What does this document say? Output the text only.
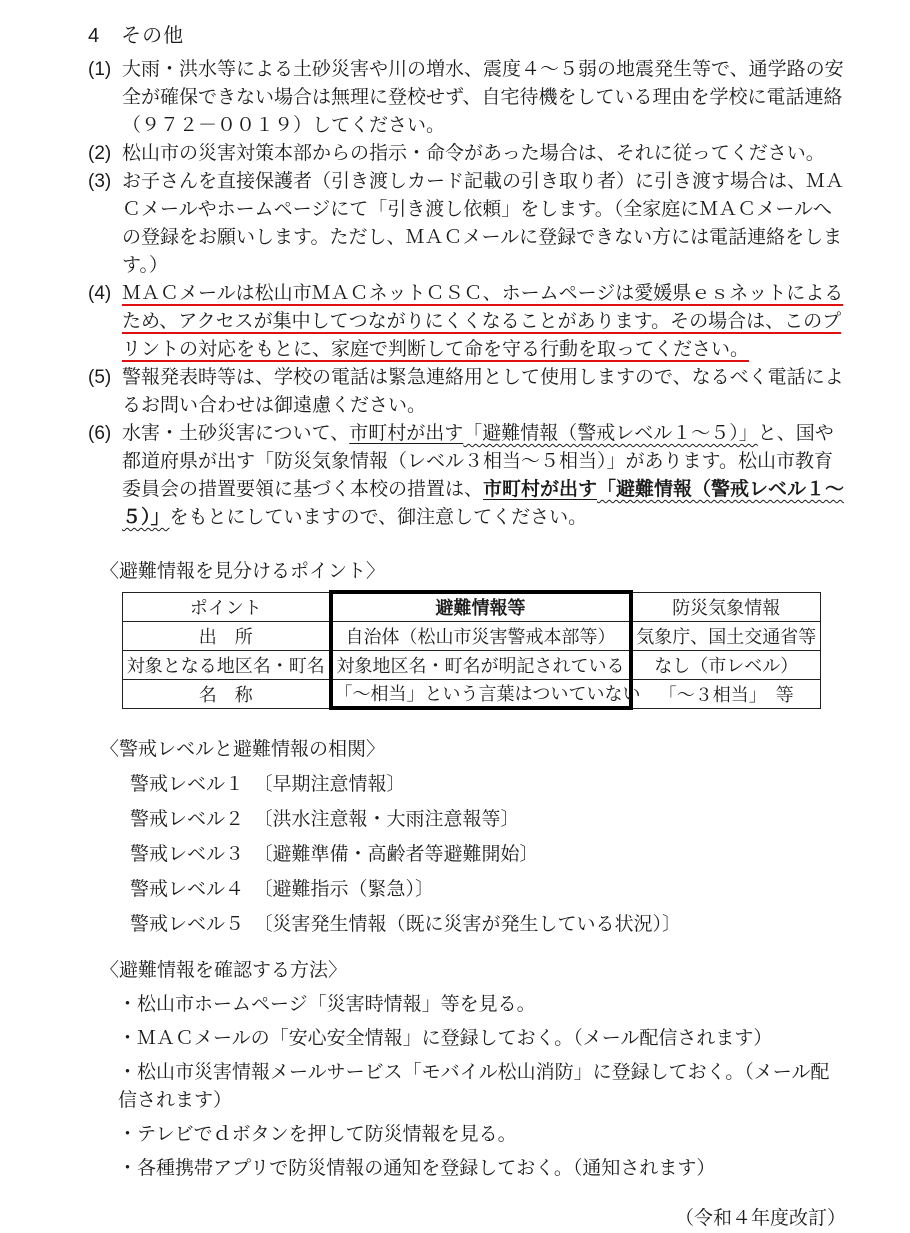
4　その他
(1) 大雨・洪水等による土砂災害や川の増水、震度４～５弱の地震発生等で、通学路の安全が確保できない場合は無理に登校せず、自宅待機をしている理由を学校に電話連絡（９７２－００１９）してください。
(2) 松山市の災害対策本部からの指示・命令があった場合は、それに従ってください。
(3) お子さんを直接保護者（引き渡しカード記載の引き取り者）に引き渡す場合は、ＭＡＣメールやホームページにて「引き渡し依頼」をします。（全家庭にＭＡＣメールへの登録をお願いします。ただし、ＭＡＣメールに登録できない方には電話連絡をします。）
(4) ＭＡＣメールは松山市ＭＡＣネットＣＳＣ、ホームページは愛媛県ｅｓネットによるため、アクセスが集中してつながりにくくなることがあります。その場合は、このプリントの対応をもとに、家庭で判断して命を守る行動を取ってください。
(5) 警報発表時等は、学校の電話は緊急連絡用として使用しますので、なるべく電話によるお問い合わせは御遠慮ください。
(6) 水害・土砂災害について、市町村が出す「避難情報（警戒レベル１～５）」と、国や都道府県が出す「防災気象情報（レベル３相当～５相当）」があります。松山市教育委員会の措置要領に基づく本校の措置は、市町村が出す「避難情報（警戒レベル１～５）」をもとにしていますので、御注意してください。
〈避難情報を見分けるポイント〉
ポイント	避難情報等	防災気象情報
出　所	自治体（松山市災害警戒本部等）	気象庁、国土交通省等
対象となる地区名・町名	対象地区名・町名が明記されている	なし（市レベル）
名　称	「～相当」という言葉はついていない	「～３相当」　等
〈警戒レベルと避難情報の相関〉
警戒レベル１　〔早期注意情報〕
警戒レベル２　〔洪水注意報・大雨注意報等〕
警戒レベル３　〔避難準備・高齢者等避難開始〕
警戒レベル４　〔避難指示（緊急）〕
警戒レベル５　〔災害発生情報（既に災害が発生している状況）〕
〈避難情報を確認する方法〉
・松山市ホームページ「災害時情報」等を見る。
・ＭＡＣメールの「安心安全情報」に登録しておく。（メール配信されます）
・松山市災害情報メールサービス「モバイル松山消防」に登録しておく。（メール配信されます）
・テレビでｄボタンを押して防災情報を見る。
・各種携帯アプリで防災情報の通知を登録しておく。（通知されます）
（令和４年度改訂）
